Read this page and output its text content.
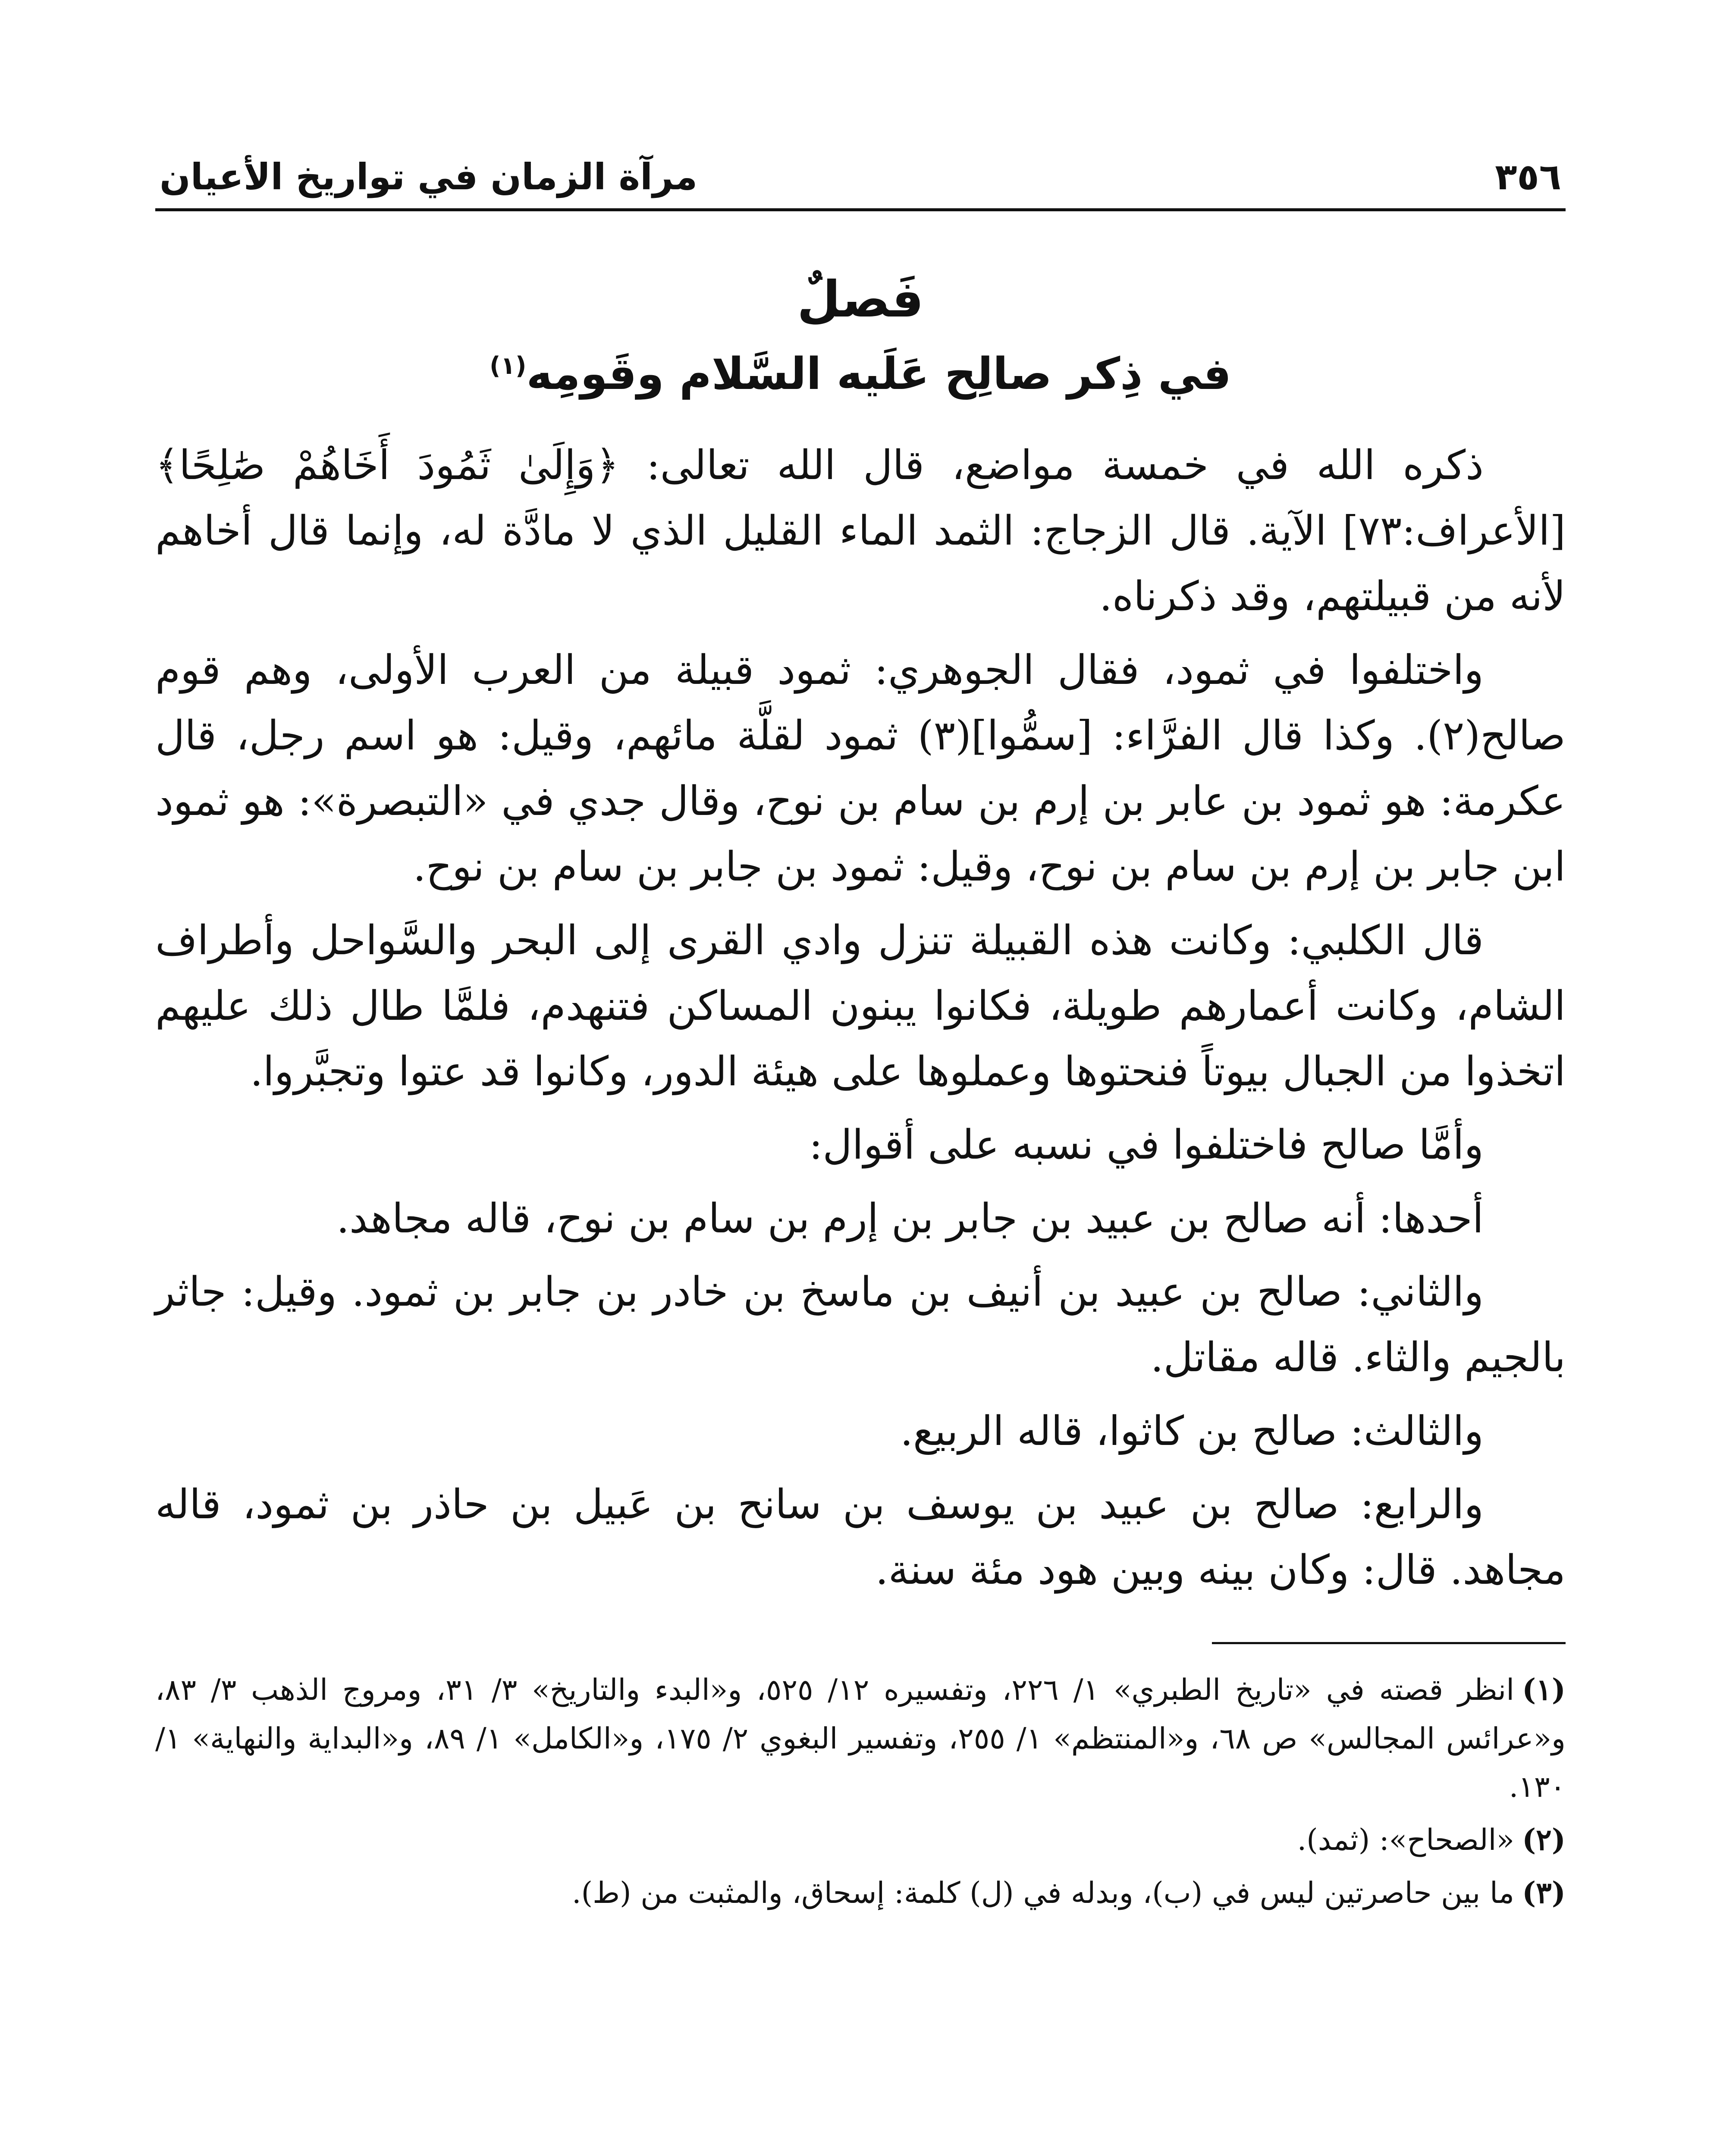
٣٥٦
مرآة الزمان في تواريخ الأعيان
فَصلٌ
في ذِكر صالِح عَلَيه السَّلام وقَومِه$^{(١)}$

ذكره الله في خمسة مواضع، قال الله تعالى: ﴿وَإِلَىٰ ثَمُودَ أَخَاهُمْ صَٰلِحًا﴾ [الأعراف:٧٣] الآية. قال الزجاج: الثمد الماء القليل الذي لا مادَّة له، وإنما قال أخاهم لأنه من قبيلتهم، وقد ذكرناه.

واختلفوا في ثمود، فقال الجوهري: ثمود قبيلة من العرب الأولى، وهم قوم صالح(٢). وكذا قال الفرَّاء: [سمُّوا](٣) ثمود لقلَّة مائهم، وقيل: هو اسم رجل، قال عكرمة: هو ثمود بن عابر بن إرم بن سام بن نوح، وقال جدي في «التبصرة»: هو ثمود ابن جابر بن إرم بن سام بن نوح، وقيل: ثمود بن جابر بن سام بن نوح.

قال الكلبي: وكانت هذه القبيلة تنزل وادي القرى إلى البحر والسَّواحل وأطراف الشام، وكانت أعمارهم طويلة، فكانوا يبنون المساكن فتنهدم، فلمَّا طال ذلك عليهم اتخذوا من الجبال بيوتاً فنحتوها وعملوها على هيئة الدور، وكانوا قد عتوا وتجبَّروا.

وأمَّا صالح فاختلفوا في نسبه على أقوال:

أحدها: أنه صالح بن عبيد بن جابر بن إرم بن سام بن نوح، قاله مجاهد.

والثاني: صالح بن عبيد بن أنيف بن ماسخ بن خادر بن جابر بن ثمود. وقيل: جاثر بالجيم والثاء. قاله مقاتل.

والثالث: صالح بن كاثوا، قاله الربيع.

والرابع: صالح بن عبيد بن يوسف بن سانح بن عَبيل بن حاذر بن ثمود، قاله مجاهد. قال: وكان بينه وبين هود مئة سنة.

(١)انظر قصته في «تاريخ الطبري» ١/ ٢٢٦، وتفسيره ١٢/ ٥٢٥، و«البدء والتاريخ» ٣/ ٣١، ومروج الذهب ٣/ ٨٣، و«عرائس المجالس» ص ٦٨، و«المنتظم» ١/ ٢٥٥، وتفسير البغوي ٢/ ١٧٥، و«الكامل» ١/ ٨٩، و«البداية والنهاية» ١/ ١٣٠.

(٢)«الصحاح»: (ثمد).

(٣)ما بين حاصرتين ليس في (ب)، وبدله في (ل) كلمة: إسحاق، والمثبت من (ط).
